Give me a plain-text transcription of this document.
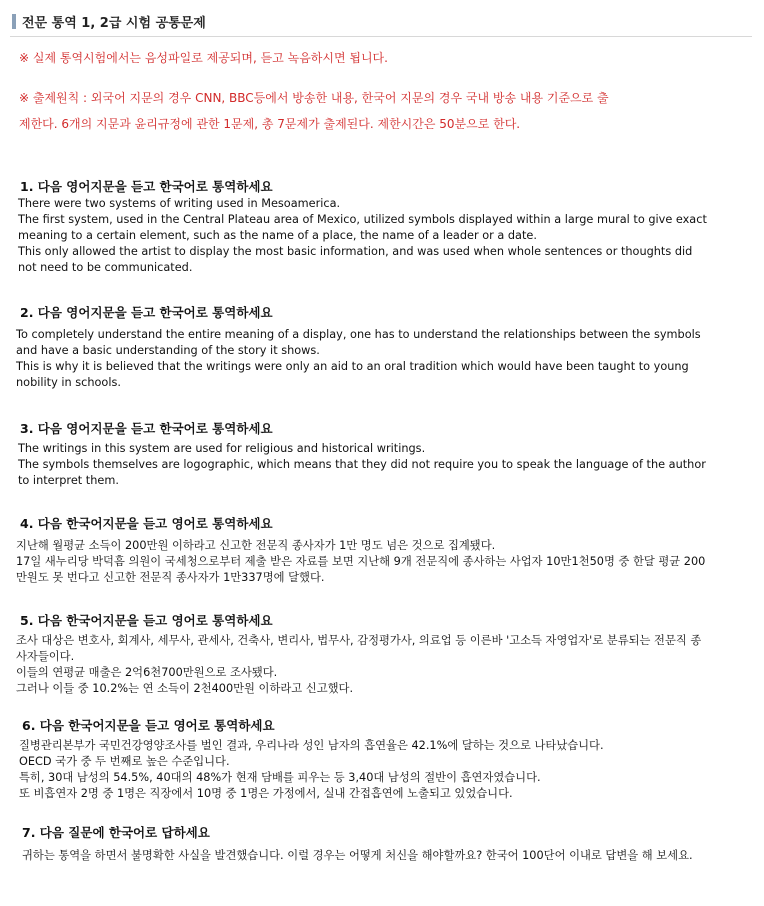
전문 통역 1, 2급 시험 공통문제
※ 실제 통역시험에서는 음성파일로 제공되며, 듣고 녹음하시면 됩니다.
※ 출제원칙 : 외국어 지문의 경우 CNN, BBC등에서 방송한 내용, 한국어 지문의 경우 국내 방송 내용 기준으로 출제한다. 6개의 지문과 윤리규정에 관한 1문제, 총 7문제가 출제된다. 제한시간은 50분으로 한다.
1. 다음 영어지문을 듣고 한국어로 통역하세요
There were two systems of writing used in Mesoamerica.
The first system, used in the Central Plateau area of Mexico, utilized symbols displayed within a large mural to give exact meaning to a certain element, such as the name of a place, the name of a leader or a date.
This only allowed the artist to display the most basic information, and was used when whole sentences or thoughts did not need to be communicated.
2. 다음 영어지문을 듣고 한국어로 통역하세요
To completely understand the entire meaning of a display, one has to understand the relationships between the symbols and have a basic understanding of the story it shows.
This is why it is believed that the writings were only an aid to an oral tradition which would have been taught to young nobility in schools.
3. 다음 영어지문을 듣고 한국어로 통역하세요
The writings in this system are used for religious and historical writings.
The symbols themselves are logographic, which means that they did not require you to speak the language of the author to interpret them.
4. 다음 한국어지문을 듣고 영어로 통역하세요
지난해 월평균 소득이 200만원 이하라고 신고한 전문직 종사자가 1만 명도 넘은 것으로 집계됐다.
17일 새누리당 박덕흠 의원이 국세청으로부터 제출 받은 자료를 보면 지난해 9개 전문직에 종사하는 사업자 10만1천50명 중 한달 평균 200만원도 못 번다고 신고한 전문직 종사자가 1만337명에 달했다.
5. 다음 한국어지문을 듣고 영어로 통역하세요
조사 대상은 변호사, 회계사, 세무사, 관세사, 건축사, 변리사, 법무사, 감정평가사, 의료업 등 이른바 '고소득 자영업자'로 분류되는 전문직 종사자들이다.
이들의 연평균 매출은 2억6천700만원으로 조사됐다.
그러나 이들 중 10.2%는 연 소득이 2천400만원 이하라고 신고했다.
6. 다음 한국어지문을 듣고 영어로 통역하세요
질병관리본부가 국민건강영양조사를 벌인 결과, 우리나라 성인 남자의 흡연율은 42.1%에 달하는 것으로 나타났습니다.
OECD 국가 중 두 번째로 높은 수준입니다.
특히, 30대 남성의 54.5%, 40대의 48%가 현재 담배를 피우는 등 3,40대 남성의 절반이 흡연자였습니다.
또 비흡연자 2명 중 1명은 직장에서 10명 중 1명은 가정에서, 실내 간접흡연에 노출되고 있었습니다.
7. 다음 질문에 한국어로 답하세요
귀하는 통역을 하면서 불명확한 사실을 발견했습니다. 이럴 경우는 어떻게 처신을 해야할까요? 한국어 100단어 이내로 답변을 해 보세요.
